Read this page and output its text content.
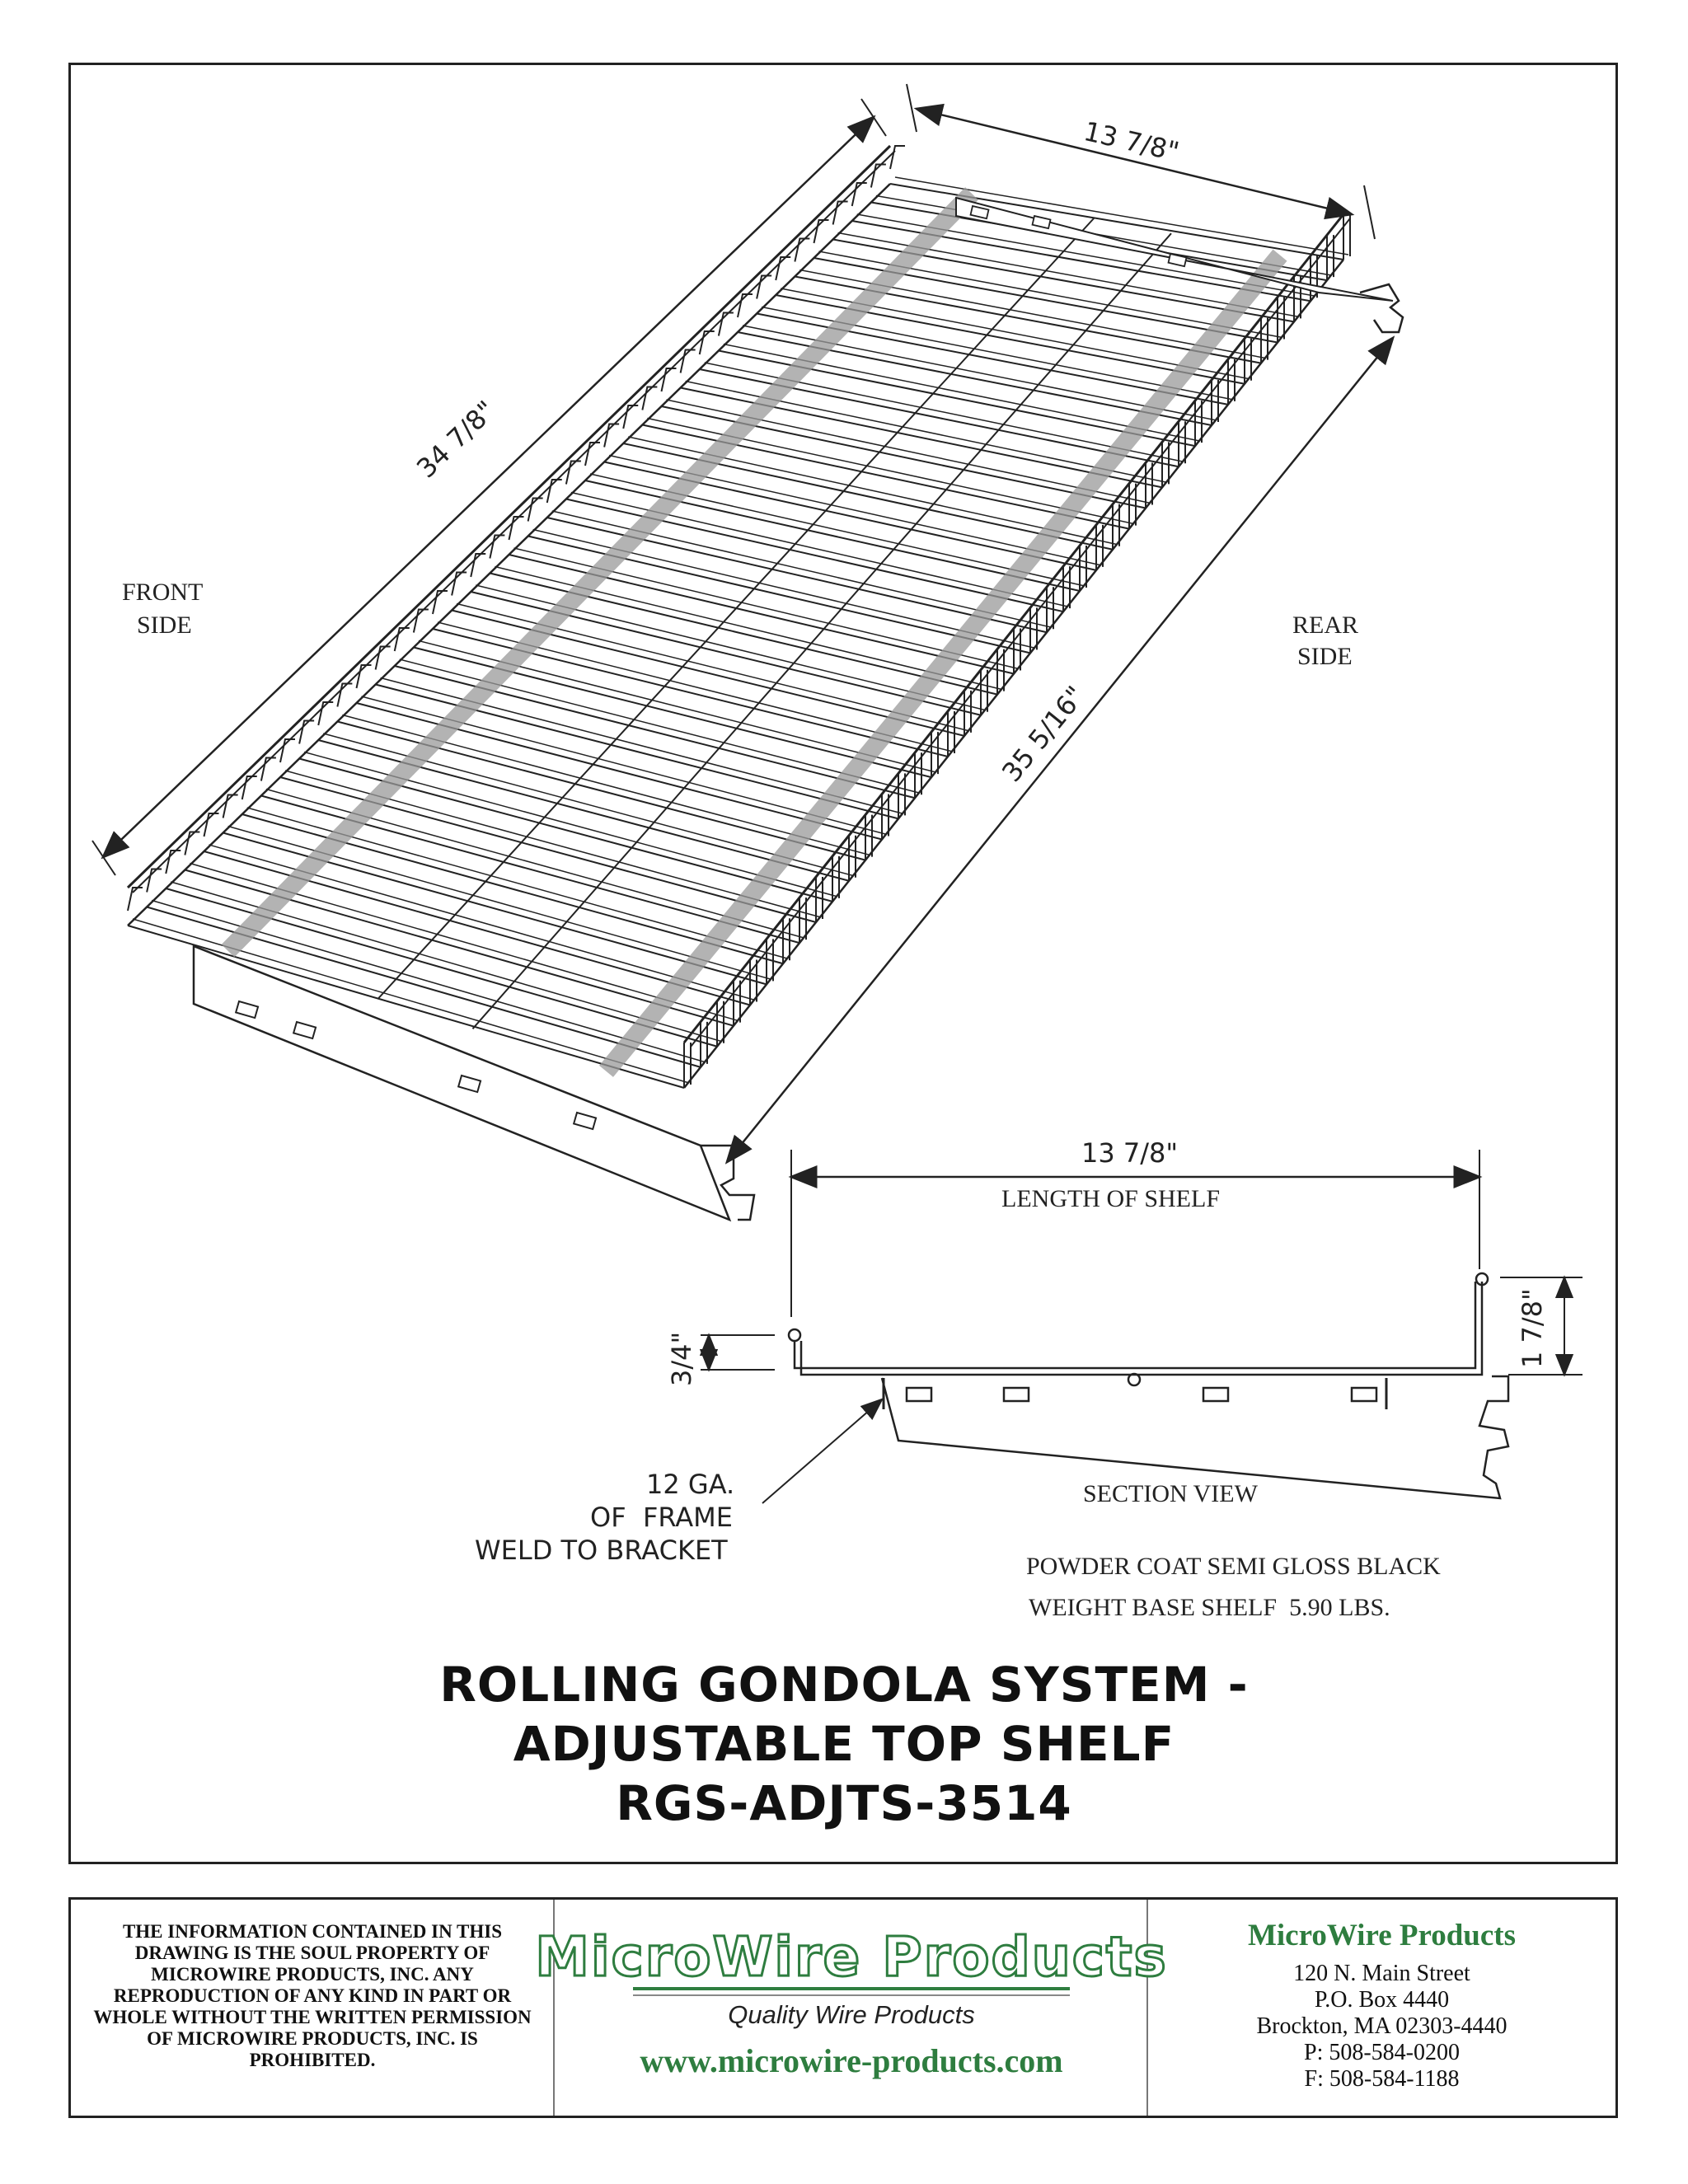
34 7/8"
13 7/8"
35 5/16"
FRONT
SIDE	REAR
SIDE
13 7/8"
LENGTH OF SHELF
3/4"	1 7/8"
12 GA.
OF  FRAME
WELD TO BRACKET
SECTION VIEW
POWDER COAT SEMI GLOSS BLACK
WEIGHT BASE SHELF  5.90 LBS.
ROLLING GONDOLA SYSTEM -
ADJUSTABLE TOP SHELF
RGS-ADJTS-3514
THE INFORMATION CONTAINED IN THIS DRAWING IS THE SOUL PROPERTY OF MICROWIRE PRODUCTS, INC. ANY REPRODUCTION OF ANY KIND IN PART OR WHOLE WITHOUT THE WRITTEN PERMISSION OF MICROWIRE PRODUCTS, INC. IS PROHIBITED.
MicroWire Products
Quality Wire Products
www.microwire-products.com
MicroWire Products
120 N. Main Street
P.O. Box 4440
Brockton, MA 02303-4440
P: 508-584-0200
F: 508-584-1188
